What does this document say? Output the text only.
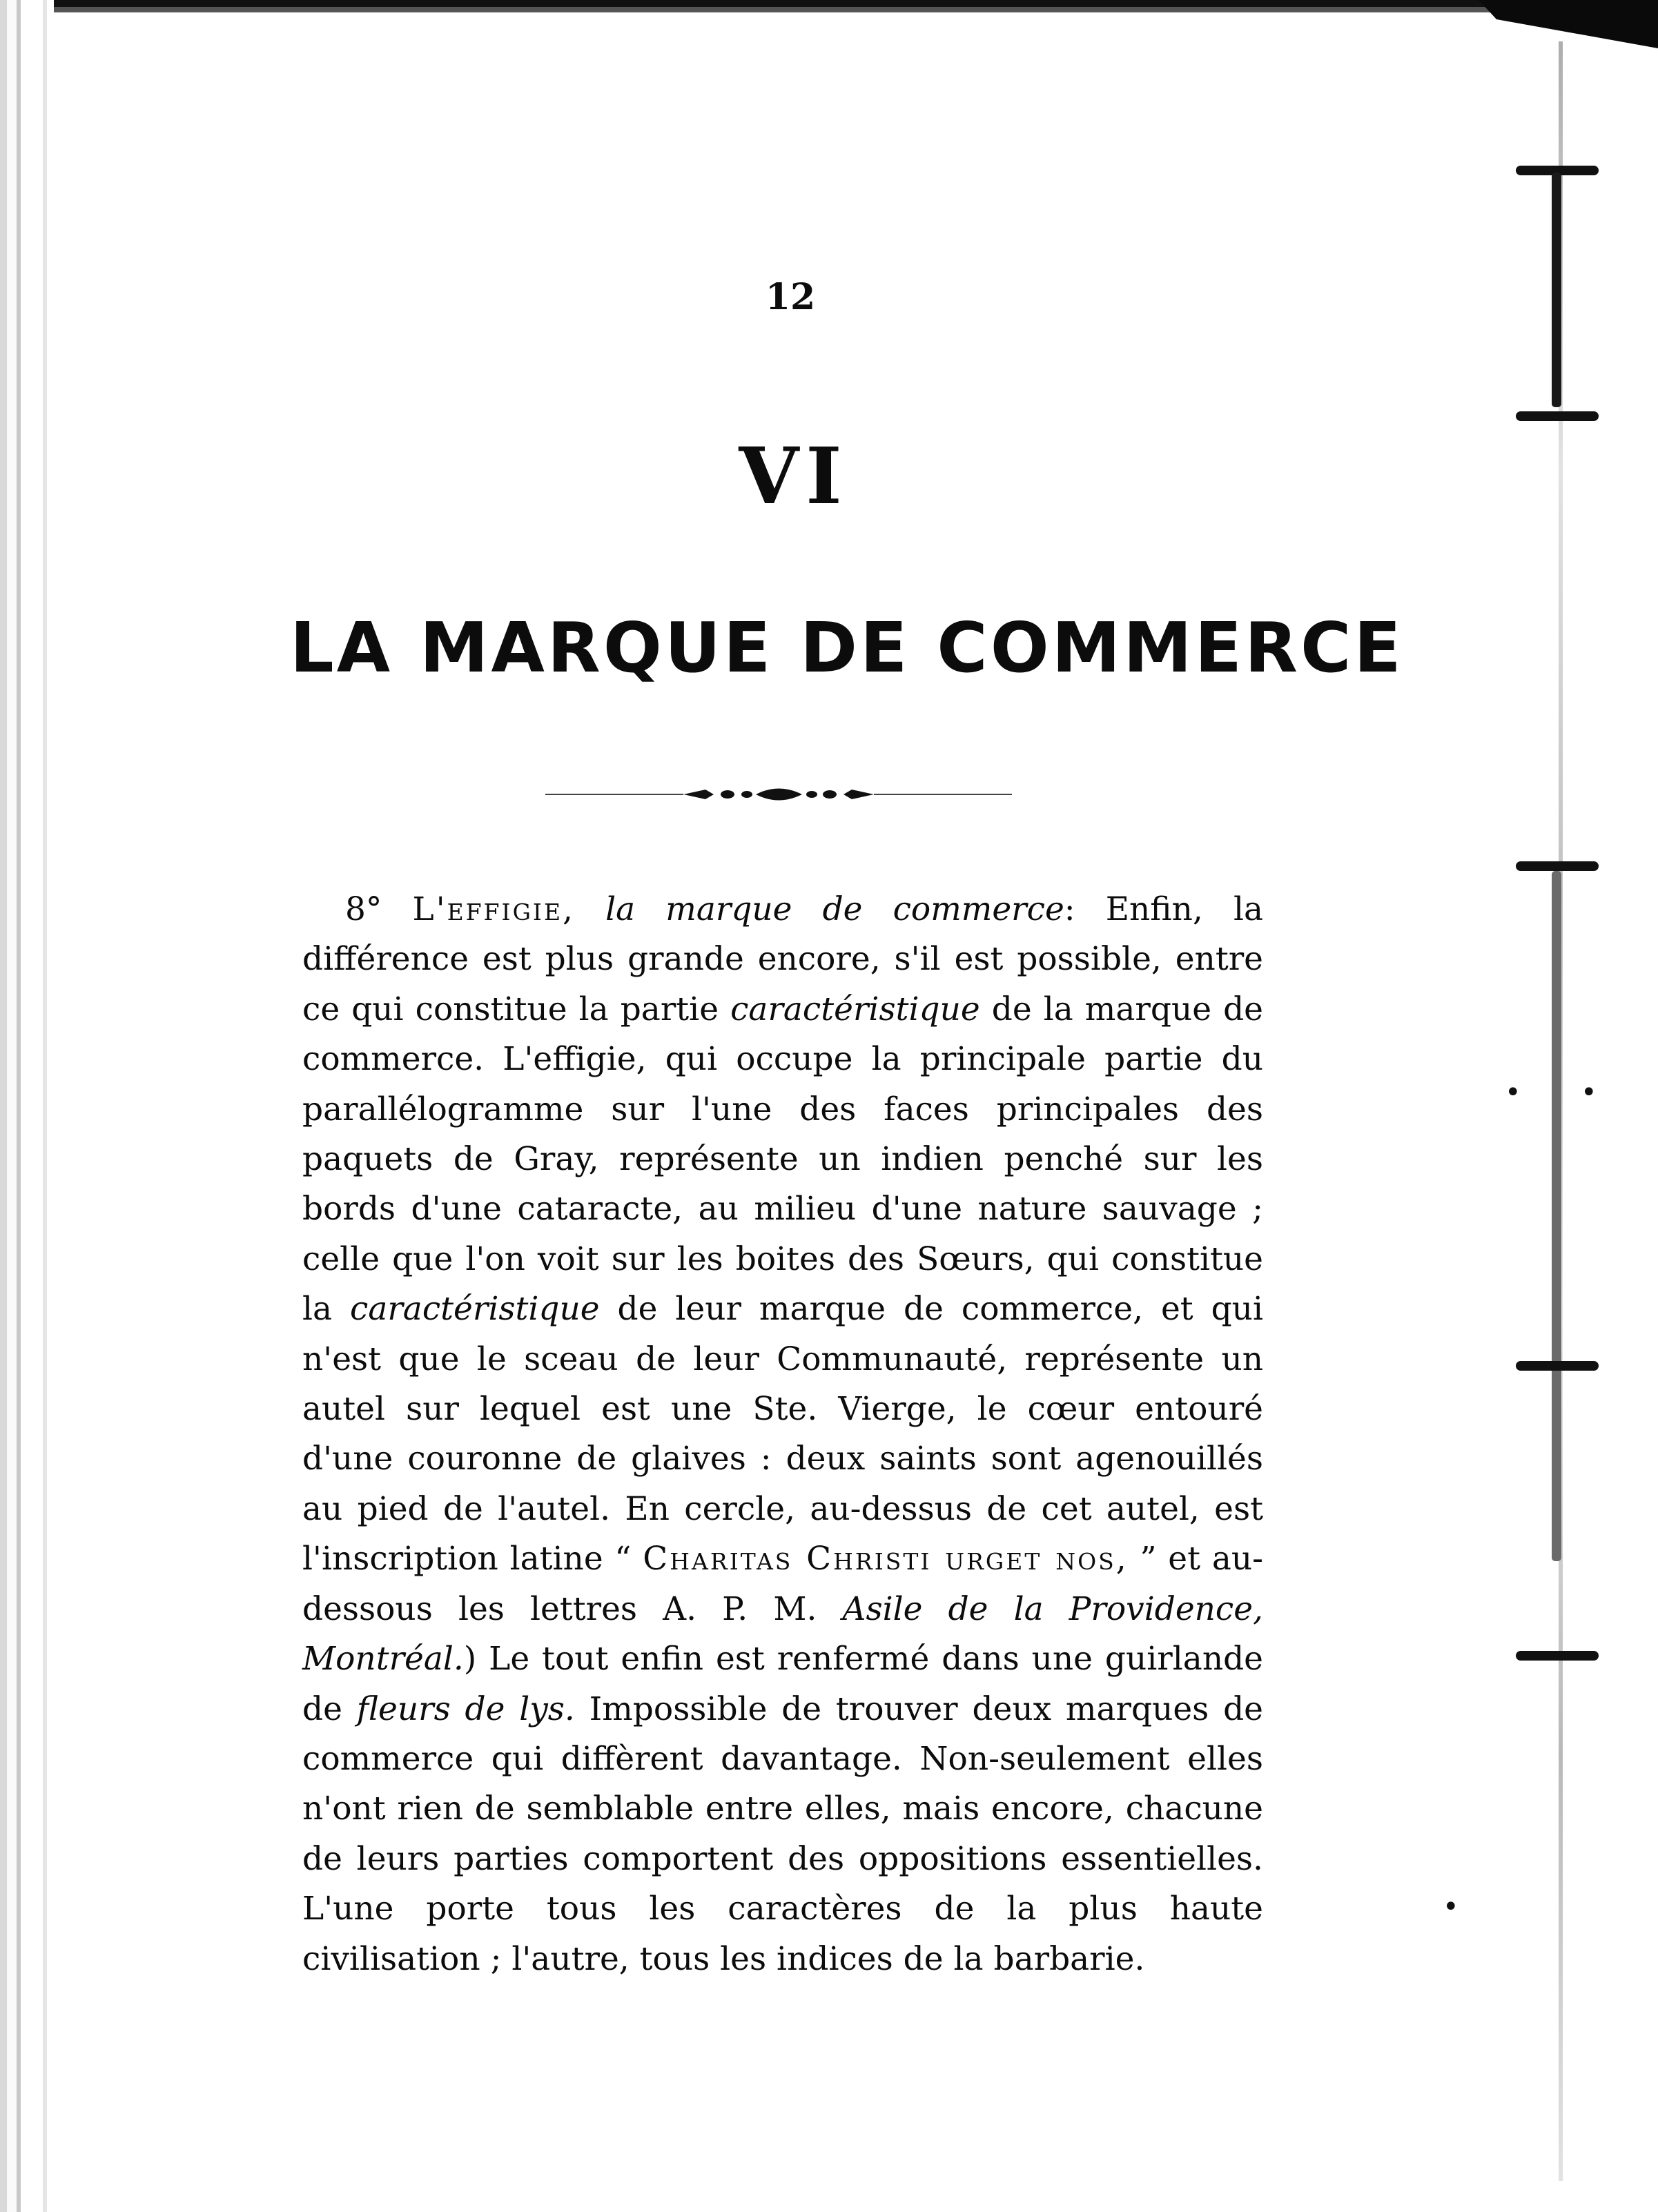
• •
•
12
VI
LA MARQUE DE COMMERCE

8° L'effigie, la marque de commerce: Enfin, la différence est plus grande encore, s'il est possible, entre ce qui constitue la partie caractéristique de la marque de commerce. L'effigie, qui occupe la principale partie du parallélogramme sur l'une des faces principales des paquets de Gray, représente un indien penché sur les bords d'une cataracte, au milieu d'une nature sauvage ; celle que l'on voit sur les boites des Sœurs, qui constitue la caractéristique de leur marque de commerce, et qui n'est que le sceau de leur Communauté, représente un autel sur lequel est une Ste. Vierge, le cœur entouré d'une couronne de glaives : deux saints sont agenouillés au pied de l'autel. En cercle, au-dessus de cet autel, est l'inscription latine “ Charitas Christi urget nos, ” et au-dessous les lettres A. P. M. Asile de la Providence, Montréal.) Le tout enfin est renfermé dans une guirlande de fleurs de lys. Impossible de trouver deux marques de commerce qui diffèrent davantage. Non-seulement elles n'ont rien de semblable entre elles, mais encore, chacune de leurs parties comportent des oppositions essentielles. L'une porte tous les caractères de la plus haute civilisation ; l'autre, tous les indices de la barbarie.
